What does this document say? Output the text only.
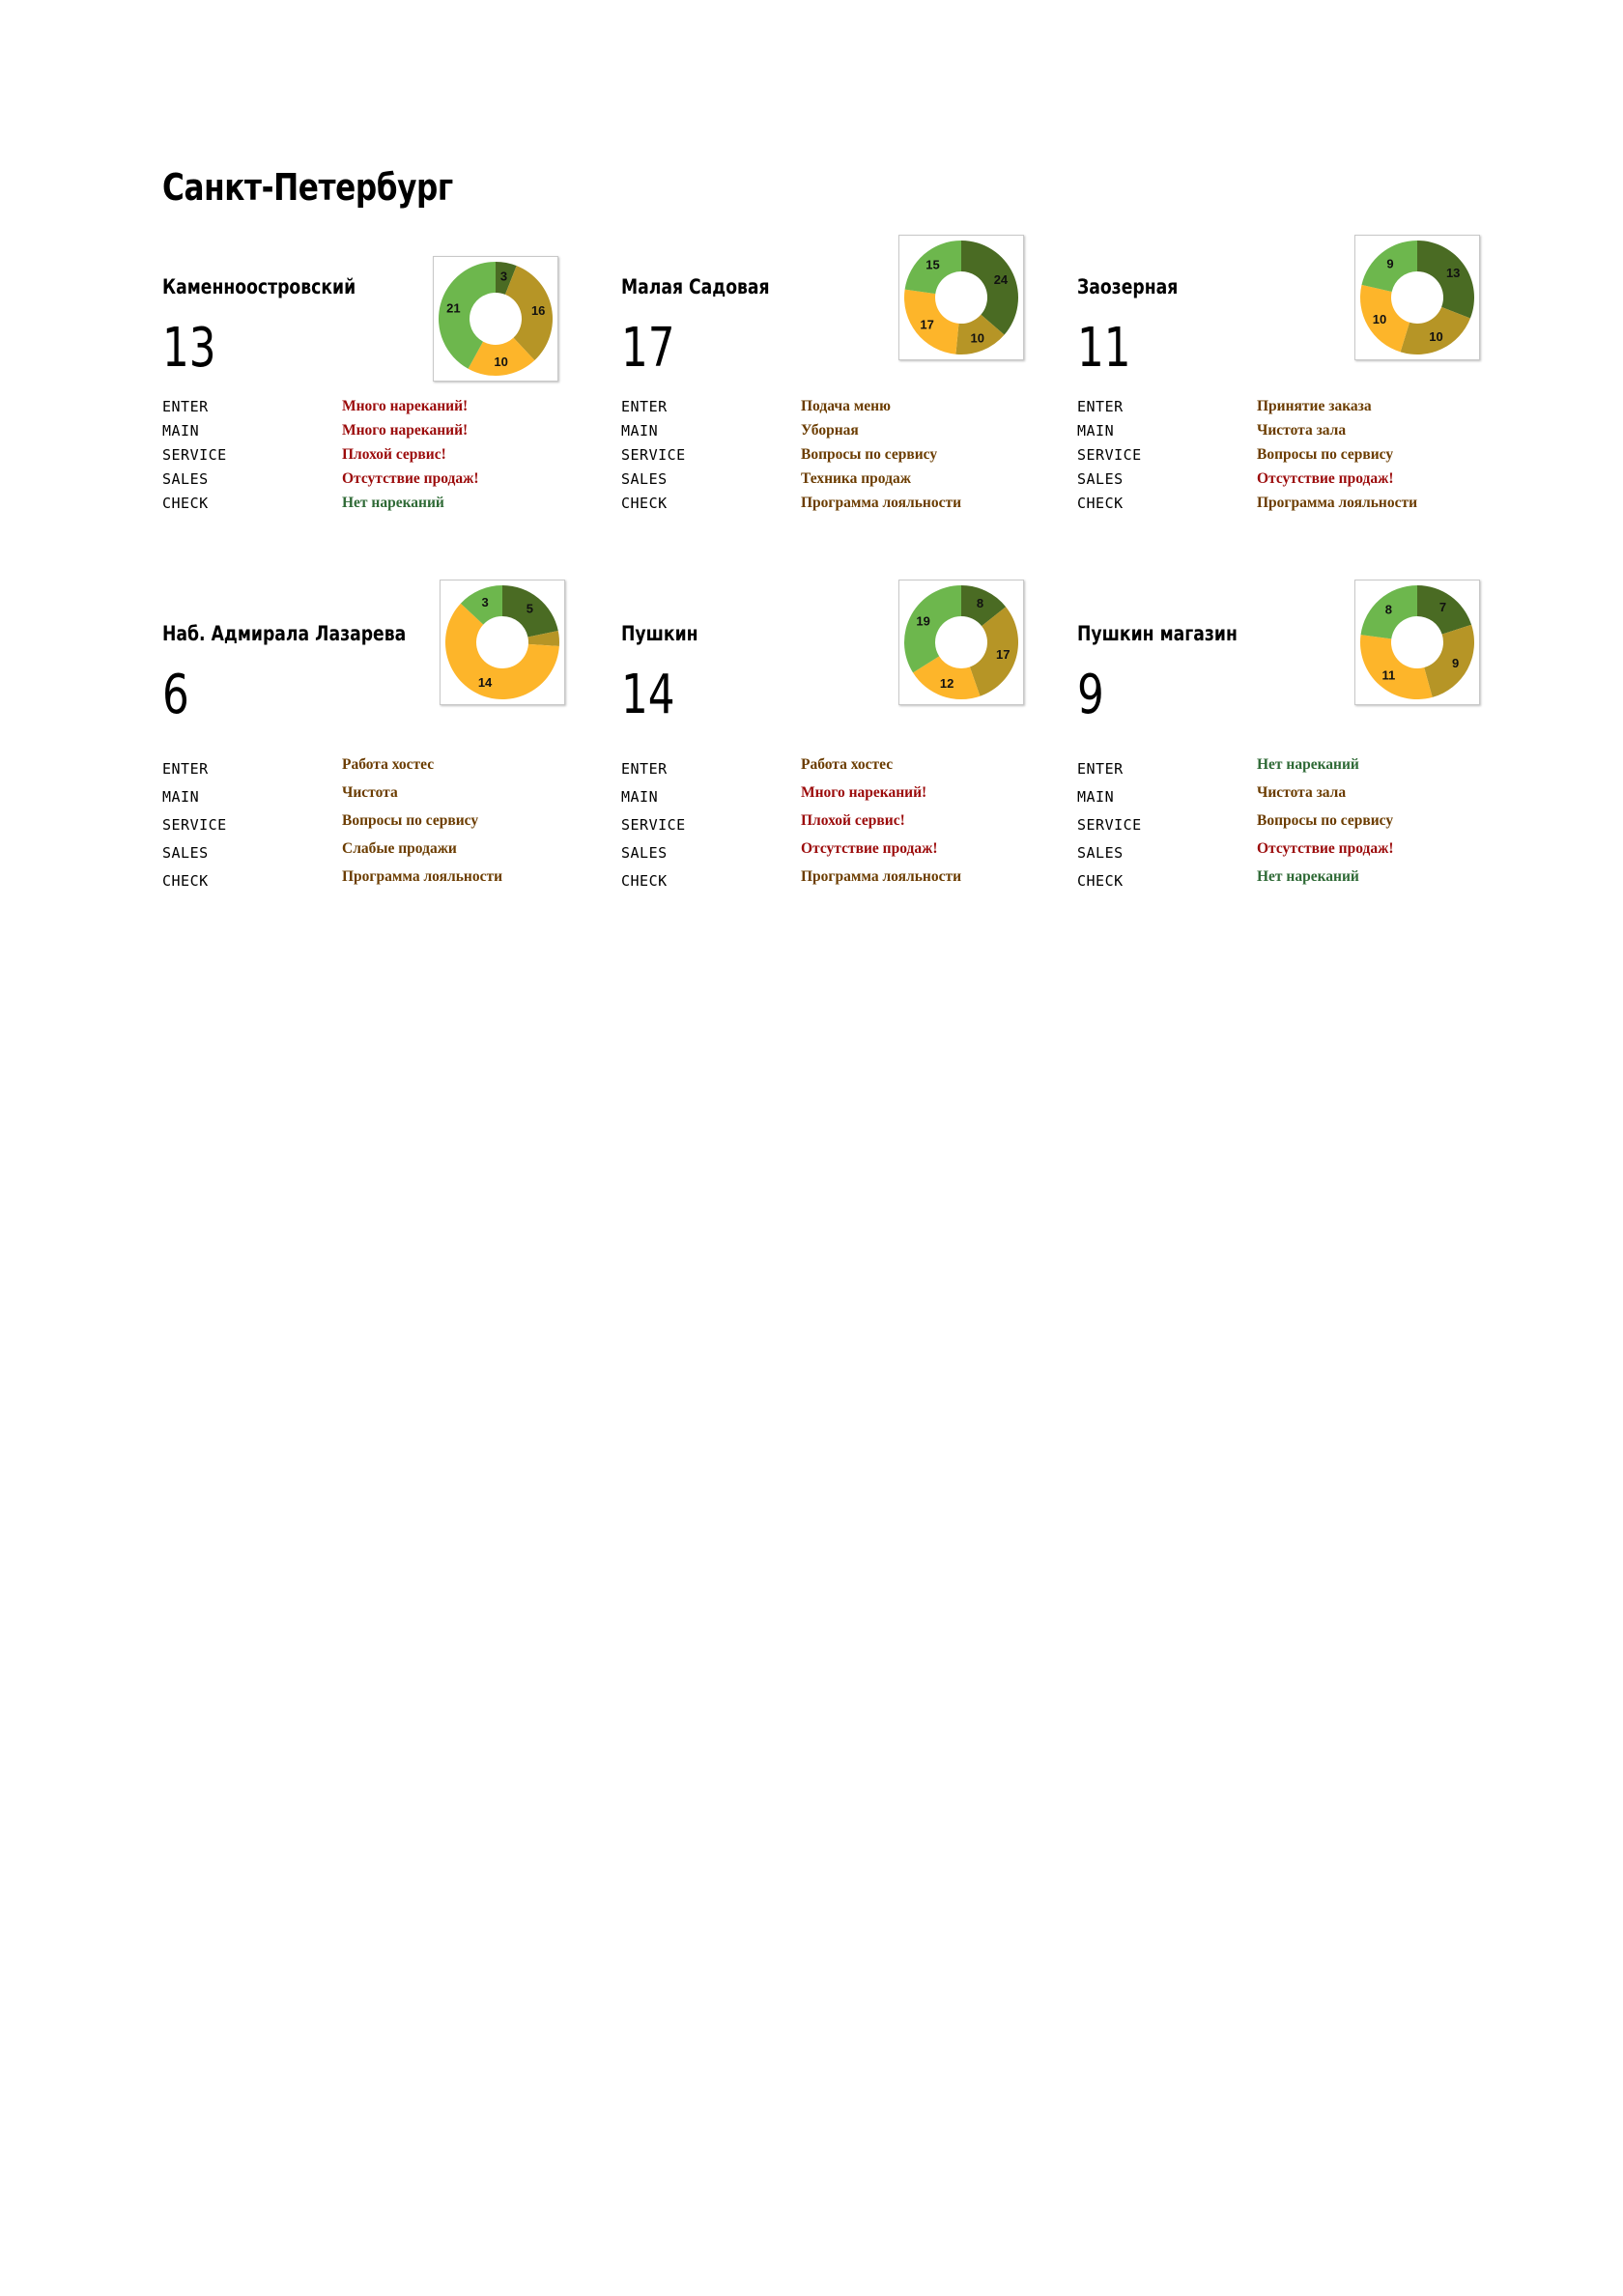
Санкт-Петербург
Каменноостровский
13
3
16
10
21
ENTER	Много нареканий!
MAIN	Много нареканий!
SERVICE	Плохой сервис!
SALES	Отсутствие продаж!
CHECK	Нет нареканий
Малая Садовая
17
24
10
17
15
ENTER	Подача меню
MAIN	Уборная
SERVICE	Вопросы по сервису
SALES	Техника продаж
CHECK	Программа лояльности
Заозерная
11
13
10
10
9
ENTER	Принятие заказа
MAIN	Чистота зала
SERVICE	Вопросы по сервису
SALES	Отсутствие продаж!
CHECK	Программа лояльности
Наб. Адмирала Лазарева
6
5
14
3
ENTER	Работа хостес
MAIN	Чистота
SERVICE	Вопросы по сервису
SALES	Слабые продажи
CHECK	Программа лояльности
Пушкин
14
8
17
12
19
ENTER	Работа хостес
MAIN	Много нареканий!
SERVICE	Плохой сервис!
SALES	Отсутствие продаж!
CHECK	Программа лояльности
Пушкин магазин
9
7
9
11
8
ENTER	Нет нареканий
MAIN	Чистота зала
SERVICE	Вопросы по сервису
SALES	Отсутствие продаж!
CHECK	Нет нареканий
